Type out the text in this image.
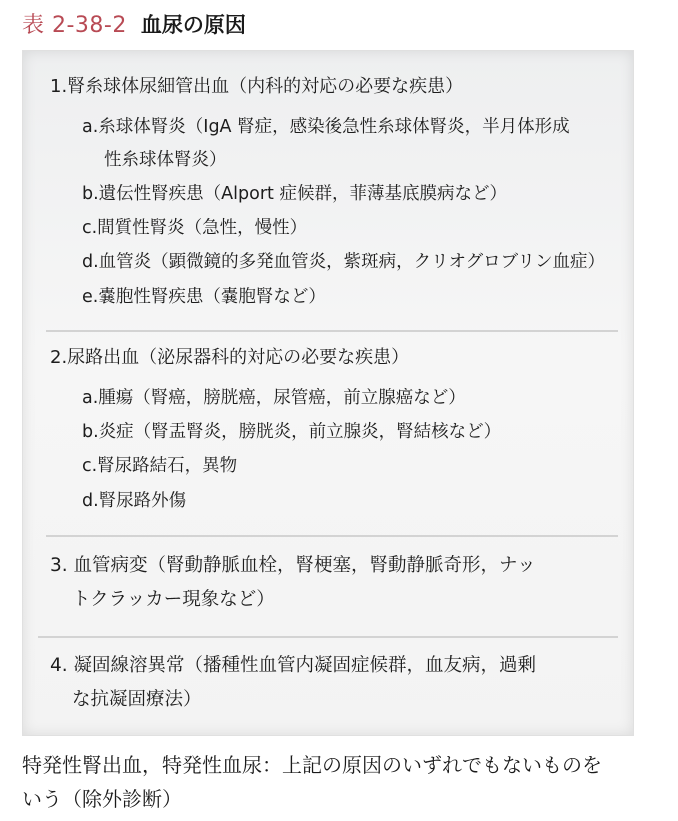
表 2-38-2 血尿の原因
1.腎糸球体尿細管出血（内科的対応の必要な疾患）
a.糸球体腎炎（IgA 腎症，感染後急性糸球体腎炎，半月体形成
性糸球体腎炎）
b.遺伝性腎疾患（Alport 症候群，菲薄基底膜病など）
c.間質性腎炎（急性，慢性）
d.血管炎（顕微鏡的多発血管炎，紫斑病，クリオグロブリン血症）
e.嚢胞性腎疾患（嚢胞腎など）
2.尿路出血（泌尿器科的対応の必要な疾患）
a.腫瘍（腎癌，膀胱癌，尿管癌，前立腺癌など）
b.炎症（腎盂腎炎，膀胱炎，前立腺炎，腎結核など）
c.腎尿路結石，異物
d.腎尿路外傷
3. 血管病変（腎動静脈血栓，腎梗塞，腎動静脈奇形，ナッ
トクラッカー現象など）
4. 凝固線溶異常（播種性血管内凝固症候群，血友病，過剰
な抗凝固療法）
特発性腎出血，特発性血尿：上記の原因のいずれでもないものを
いう（除外診断）
